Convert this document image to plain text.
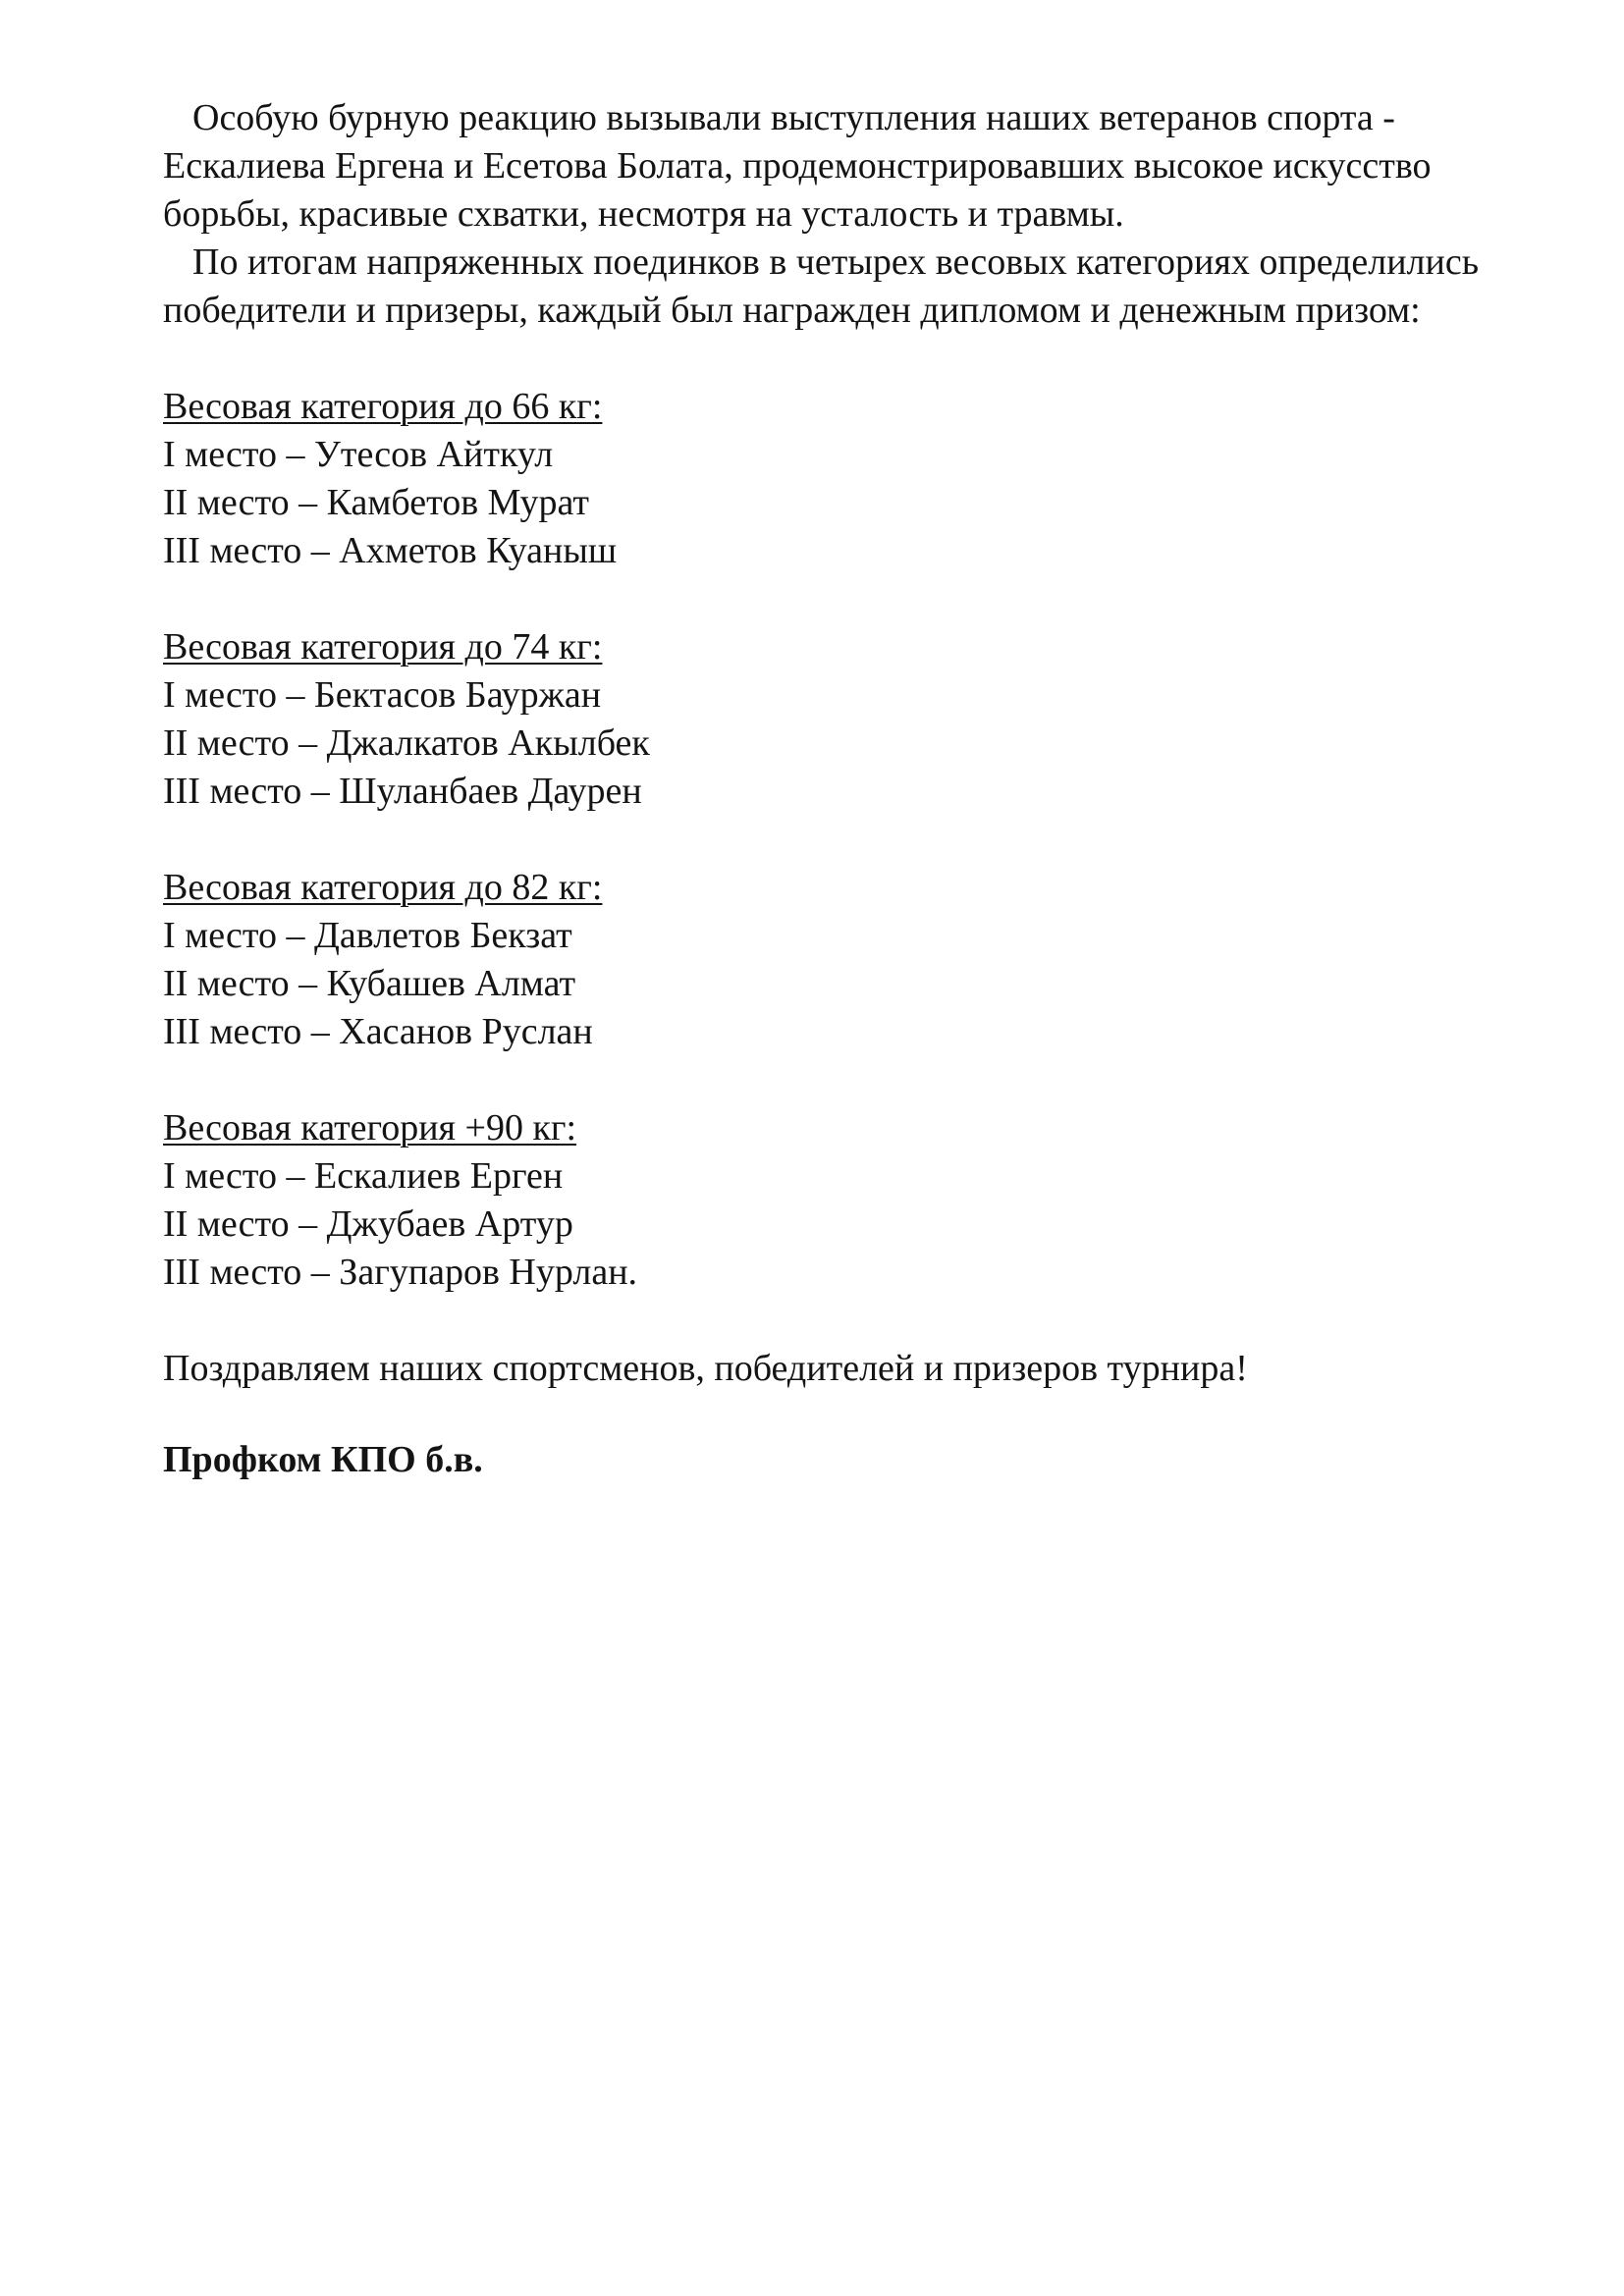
Особую бурную реакцию вызывали выступления наших ветеранов спорта -
Ескалиева Ергена и Есетова Болата, продемонстрировавших высокое искусство
борьбы, красивые схватки, несмотря на усталость и травмы.
По итогам напряженных поединков в четырех весовых категориях определились
победители и призеры, каждый был награжден дипломом и денежным призом:
Весовая категория до 66 кг:
I место – Утесов Айткул
II место – Камбетов Мурат
III место – Ахметов Куаныш
Весовая категория до 74 кг:
I место – Бектасов Бауржан
II место – Джалкатов Акылбек
III место – Шуланбаев Даурен
Весовая категория до 82 кг:
I место – Давлетов Бекзат
II место – Кубашев Алмат
III место – Хасанов Руслан
Весовая категория +90 кг:
I место – Ескалиев Ерген
II место – Джубаев Артур
III место – Загупаров Нурлан.
Поздравляем наших спортсменов, победителей и призеров турнира!
Профком КПО б.в.
